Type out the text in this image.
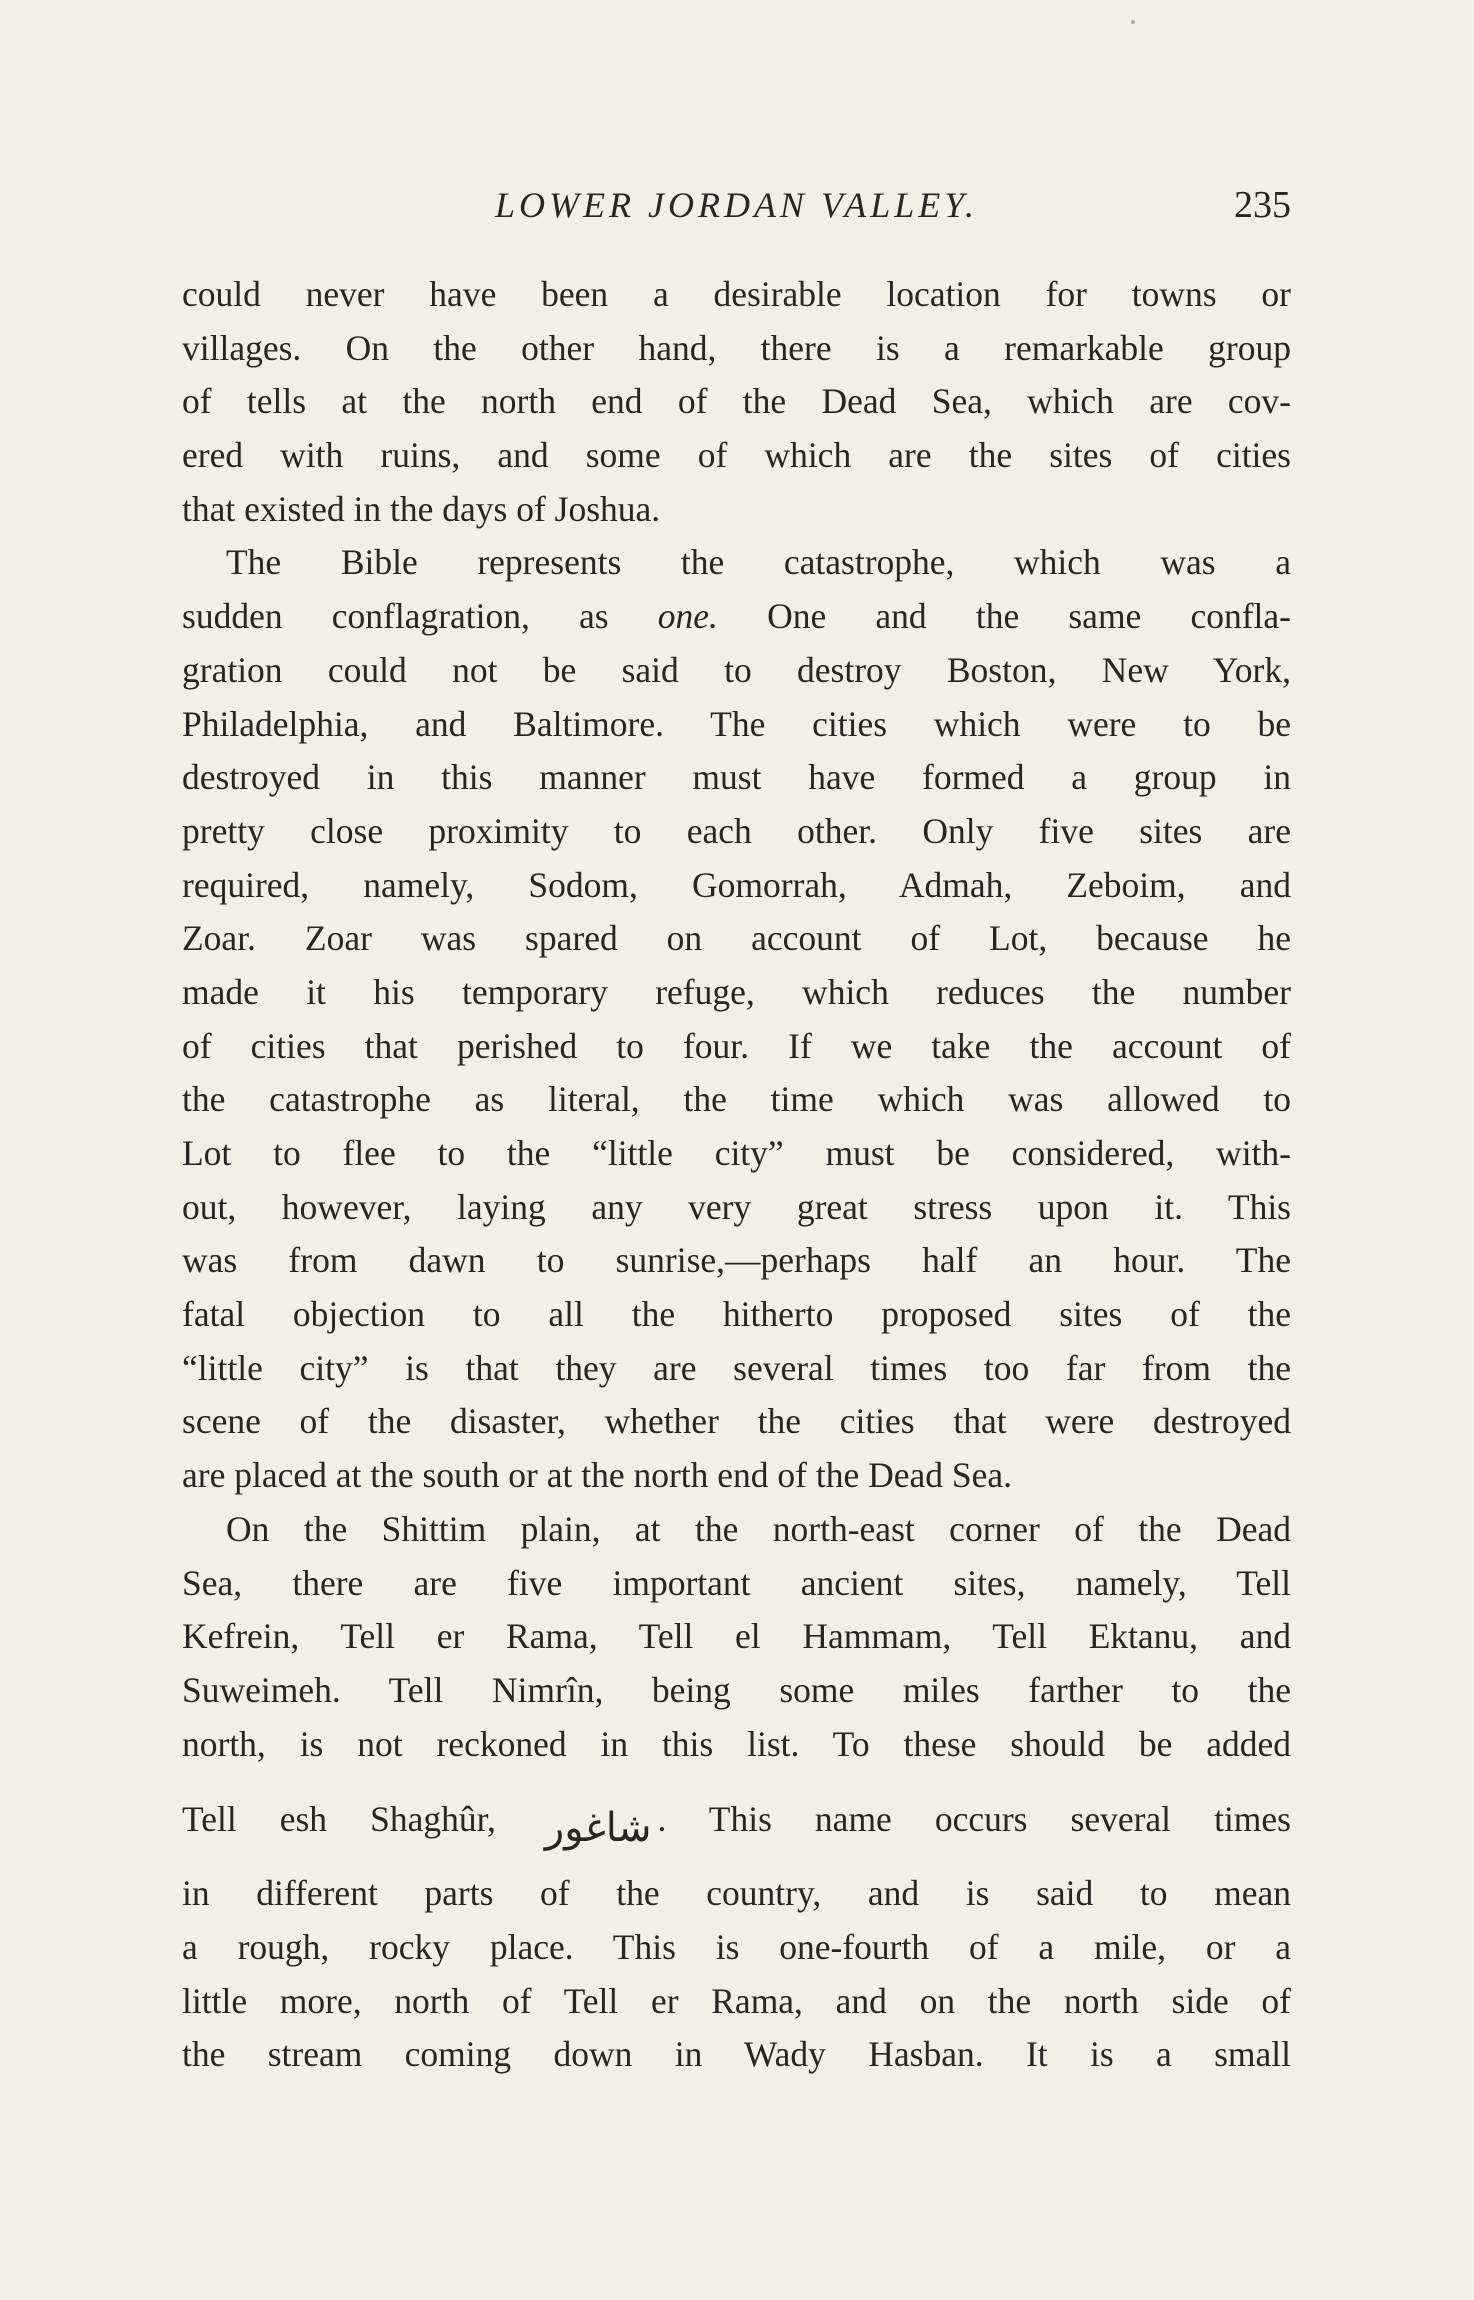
LOWER JORDAN VALLEY.	235
could never have been a desirable location for towns or
villages. On the other hand, there is a remarkable group
of tells at the north end of the Dead Sea, which are cov-
ered with ruins, and some of which are the sites of cities
that existed in the days of Joshua.
The Bible represents the catastrophe, which was a
sudden conflagration, as one. One and the same confla-
gration could not be said to destroy Boston, New York,
Philadelphia, and Baltimore. The cities which were to be
destroyed in this manner must have formed a group in
pretty close proximity to each other. Only five sites are
required, namely, Sodom, Gomorrah, Admah, Zeboim, and
Zoar. Zoar was spared on account of Lot, because he
made it his temporary refuge, which reduces the number
of cities that perished to four. If we take the account of
the catastrophe as literal, the time which was allowed to
Lot to flee to the “little city” must be considered, with-
out, however, laying any very great stress upon it. This
was from dawn to sunrise,—perhaps half an hour. The
fatal objection to all the hitherto proposed sites of the
“little city” is that they are several times too far from the
scene of the disaster, whether the cities that were destroyed
are placed at the south or at the north end of the Dead Sea.
On the Shittim plain, at the north-east corner of the Dead
Sea, there are five important ancient sites, namely, Tell
Kefrein, Tell er Rama, Tell el Hammam, Tell Ektanu, and
Suweimeh. Tell Nimrîn, being some miles farther to the
north, is not reckoned in this list. To these should be added
Tell esh Shaghûr, شاغور . This name occurs several times
in different parts of the country, and is said to mean
a rough, rocky place. This is one-fourth of a mile, or a
little more, north of Tell er Rama, and on the north side of
the stream coming down in Wady Hasban. It is a small
